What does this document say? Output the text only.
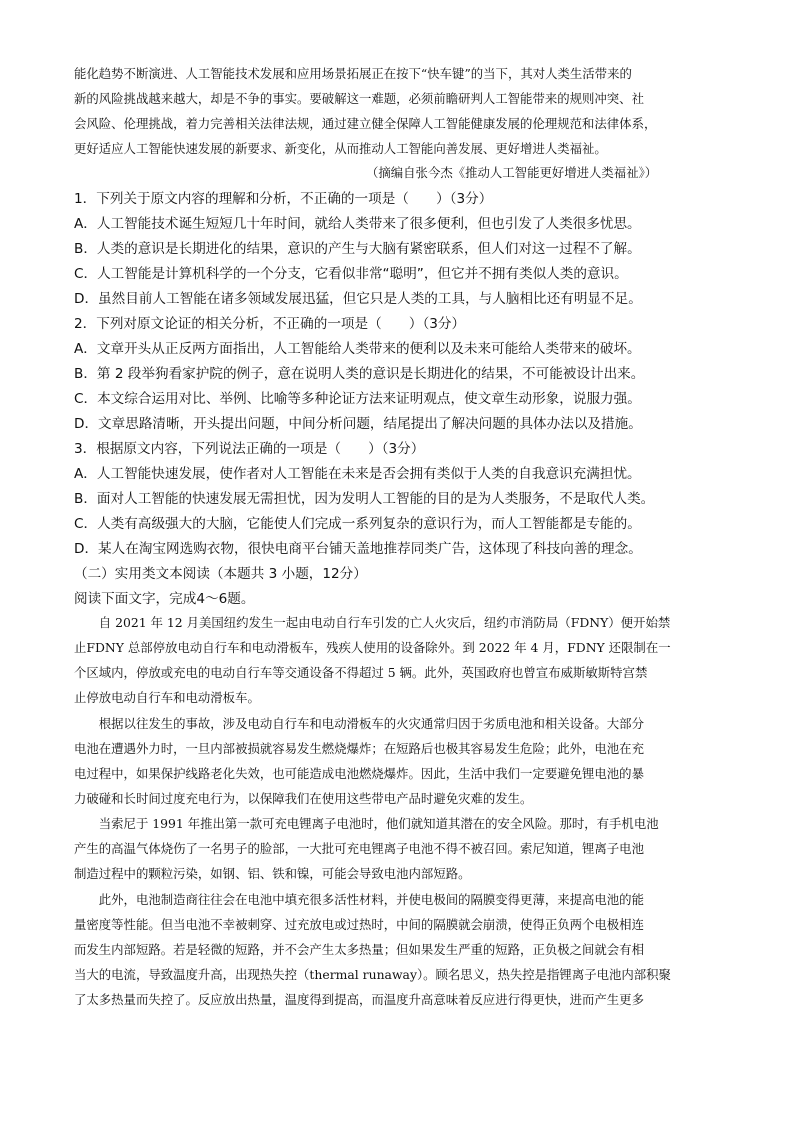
能化趋势不断演进、人工智能技术发展和应用场景拓展正在按下“快车键”的当下，其对人类生活带来的
新的风险挑战越来越大，却是不争的事实。要破解这一难题，必须前瞻研判人工智能带来的规则冲突、社
会风险、伦理挑战，着力完善相关法律法规，通过建立健全保障人工智能健康发展的伦理规范和法律体系，
更好适应人工智能快速发展的新要求、新变化，从而推动人工智能向善发展、更好增进人类福祉。
（摘编自张今杰《推动人工智能更好增进人类福祉》）
1．下列关于原文内容的理解和分析，不正确的一项是（　　）（3分）
A．人工智能技术诞生短短几十年时间，就给人类带来了很多便利，但也引发了人类很多忧思。
B．人类的意识是长期进化的结果，意识的产生与大脑有紧密联系，但人们对这一过程不了解。
C．人工智能是计算机科学的一个分支，它看似非常“聪明”，但它并不拥有类似人类的意识。
D．虽然目前人工智能在诸多领域发展迅猛，但它只是人类的工具，与人脑相比还有明显不足。
2．下列对原文论证的相关分析，不正确的一项是（　　）（3分）
A．文章开头从正反两方面指出，人工智能给人类带来的便利以及未来可能给人类带来的破坏。
B．第 2 段举狗看家护院的例子，意在说明人类的意识是长期进化的结果，不可能被设计出来。
C．本文综合运用对比、举例、比喻等多种论证方法来证明观点，使文章生动形象，说服力强。
D．文章思路清晰，开头提出问题，中间分析问题，结尾提出了解决问题的具体办法以及措施。
3．根据原文内容，下列说法正确的一项是（　　）（3分）
A．人工智能快速发展，使作者对人工智能在未来是否会拥有类似于人类的自我意识充满担忧。
B．面对人工智能的快速发展无需担忧，因为发明人工智能的目的是为人类服务，不是取代人类。
C．人类有高级强大的大脑，它能使人们完成一系列复杂的意识行为，而人工智能都是专能的。
D．某人在淘宝网选购衣物，很快电商平台铺天盖地推荐同类广告，这体现了科技向善的理念。
（二）实用类文本阅读（本题共 3 小题，12分）
阅读下面文字，完成4～6题。
　　自 2021 年 12 月美国纽约发生一起由电动自行车引发的亡人火灾后，纽约市消防局（FDNY）便开始禁
止FDNY 总部停放电动自行车和电动滑板车，残疾人使用的设备除外。到 2022 年 4 月，FDNY 还限制在一
个区域内，停放或充电的电动自行车等交通设备不得超过 5 辆。此外，英国政府也曾宣布威斯敏斯特宫禁
止停放电动自行车和电动滑板车。
　　根据以往发生的事故，涉及电动自行车和电动滑板车的火灾通常归因于劣质电池和相关设备。大部分
电池在遭遇外力时，一旦内部被损就容易发生燃烧爆炸；在短路后也极其容易发生危险；此外，电池在充
电过程中，如果保护线路老化失效，也可能造成电池燃烧爆炸。因此，生活中我们一定要避免锂电池的暴
力破碰和长时间过度充电行为，以保障我们在使用这些带电产品时避免灾难的发生。
　　当索尼于 1991 年推出第一款可充电锂离子电池时，他们就知道其潜在的安全风险。那时，有手机电池
产生的高温气体烧伤了一名男子的脸部，一大批可充电锂离子电池不得不被召回。索尼知道，锂离子电池
制造过程中的颗粒污染，如钢、铝、铁和镍，可能会导致电池内部短路。
　　此外，电池制造商往往会在电池中填充很多活性材料，并使电极间的隔膜变得更薄，来提高电池的能
量密度等性能。但当电池不幸被刺穿、过充放电或过热时，中间的隔膜就会崩溃，使得正负两个电极相连
而发生内部短路。若是轻微的短路，并不会产生太多热量；但如果发生严重的短路，正负极之间就会有相
当大的电流，导致温度升高，出现热失控（thermal runaway）。顾名思义，热失控是指锂离子电池内部积聚
了太多热量而失控了。反应放出热量，温度得到提高，而温度升高意味着反应进行得更快，进而产生更多
